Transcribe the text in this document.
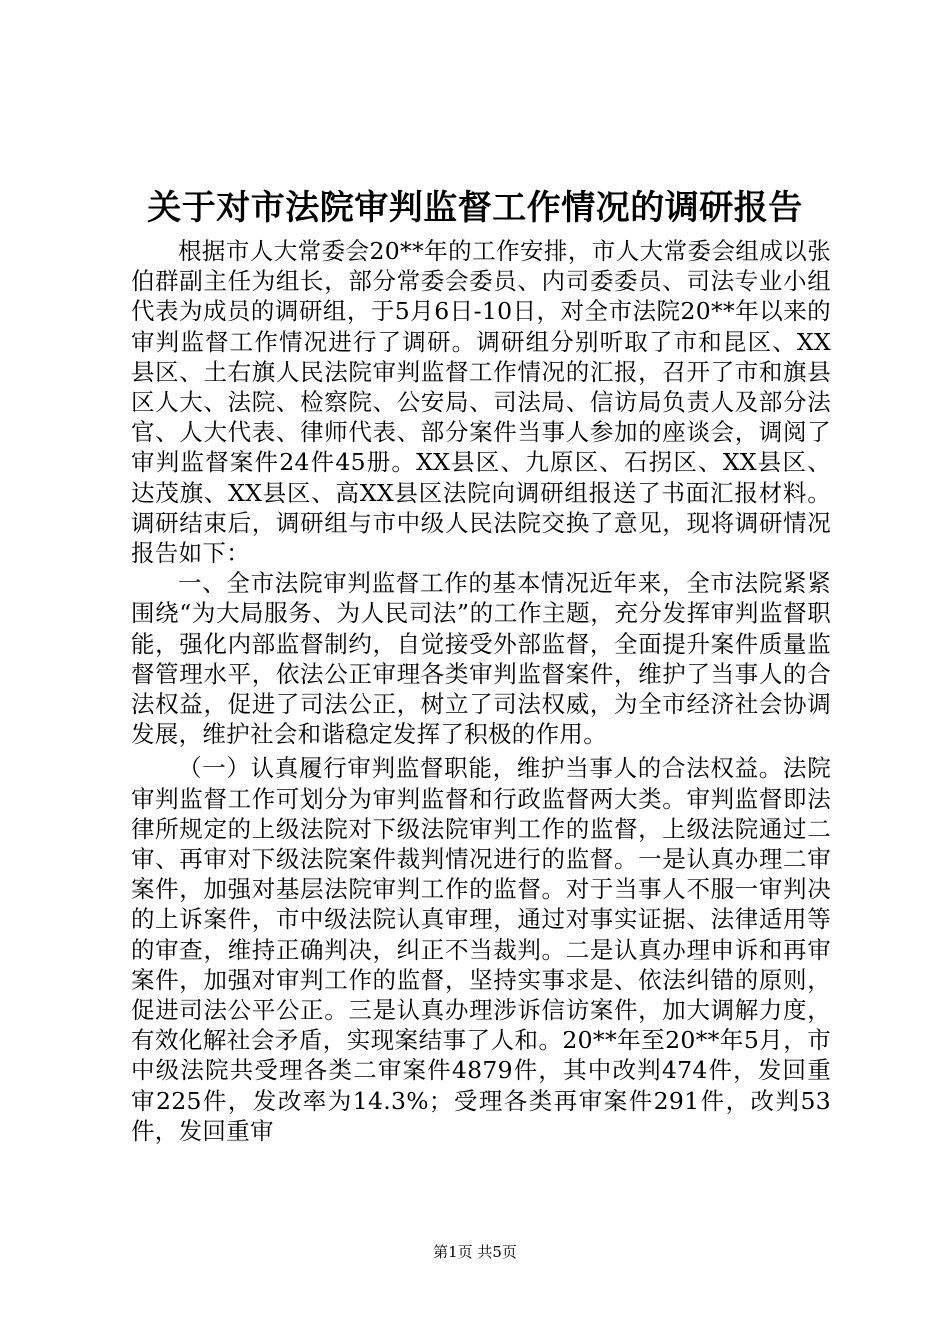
关于对市法院审判监督工作情况的调研报告

根据市人大常委会20**年的工作安排，市人大常委会组成以张伯群副主任为组长，部分常委会委员、内司委委员、司法专业小组代表为成员的调研组，于5月6日-10日，对全市法院20**年以来的审判监督工作情况进行了调研。调研组分别听取了市和昆区、XX县区、土右旗人民法院审判监督工作情况的汇报，召开了市和旗县区人大、法院、检察院、公安局、司法局、信访局负责人及部分法官、人大代表、律师代表、部分案件当事人参加的座谈会，调阅了审判监督案件24件45册。XX县区、九原区、石拐区、XX县区、达茂旗、XX县区、高XX县区法院向调研组报送了书面汇报材料。调研结束后，调研组与市中级人民法院交换了意见，现将调研情况报告如下：

一、全市法院审判监督工作的基本情况近年来，全市法院紧紧围绕“为大局服务、为人民司法”的工作主题，充分发挥审判监督职能，强化内部监督制约，自觉接受外部监督，全面提升案件质量监督管理水平，依法公正审理各类审判监督案件，维护了当事人的合法权益，促进了司法公正，树立了司法权威，为全市经济社会协调发展，维护社会和谐稳定发挥了积极的作用。

（一）认真履行审判监督职能，维护当事人的合法权益。法院审判监督工作可划分为审判监督和行政监督两大类。审判监督即法律所规定的上级法院对下级法院审判工作的监督，上级法院通过二审、再审对下级法院案件裁判情况进行的监督。一是认真办理二审案件，加强对基层法院审判工作的监督。对于当事人不服一审判决的上诉案件，市中级法院认真审理，通过对事实证据、法律适用等的审查，维持正确判决，纠正不当裁判。二是认真办理申诉和再审案件，加强对审判工作的监督，坚持实事求是、依法纠错的原则，促进司法公平公正。三是认真办理涉诉信访案件，加大调解力度，有效化解社会矛盾，实现案结事了人和。20**年至20**年5月，市中级法院共受理各类二审案件4879件，其中改判474件，发回重审225件，发改率为14.3%；受理各类再审案件291件，改判53件，发回重审

第1页 共5页
